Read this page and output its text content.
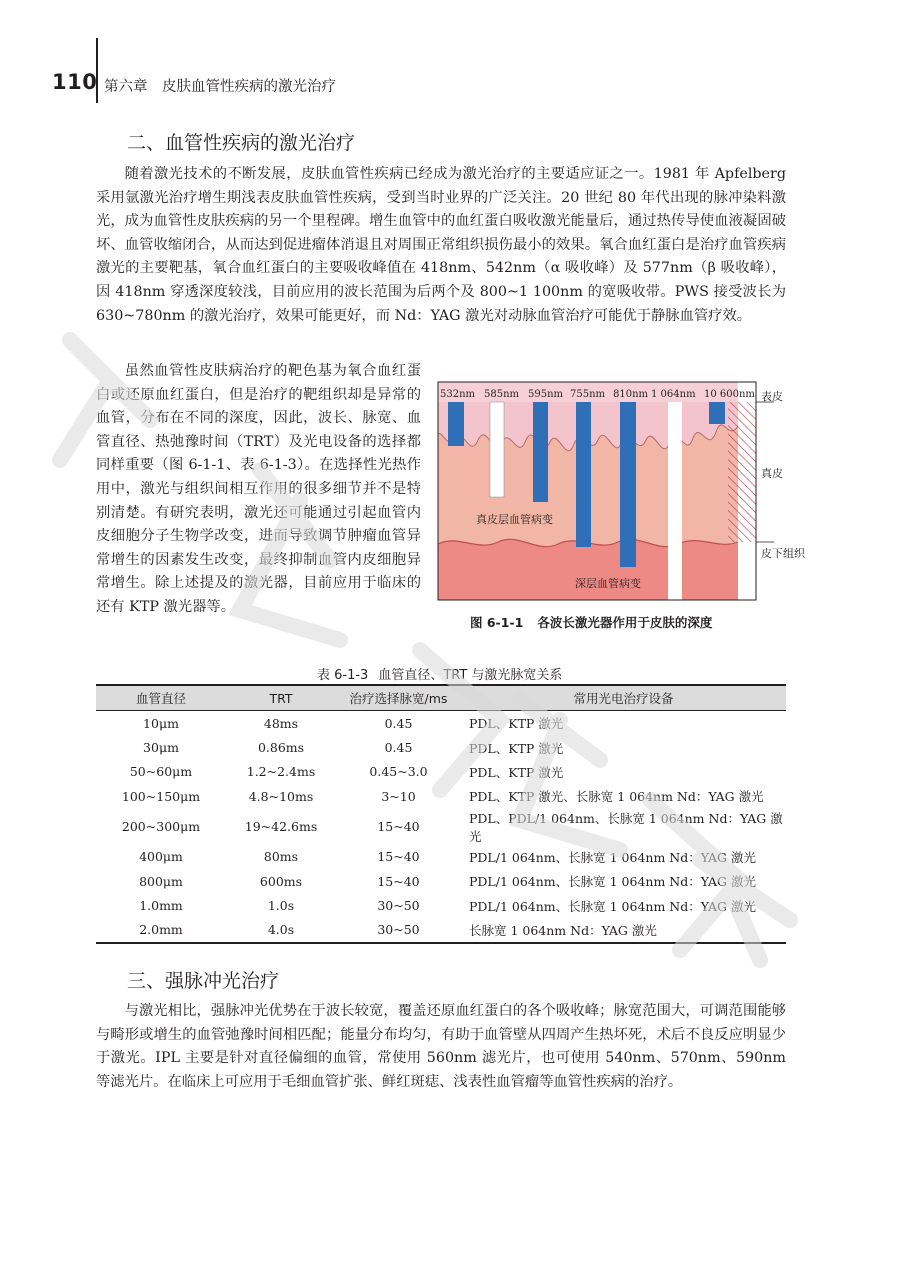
110 第六章　皮肤血管性疾病的激光治疗
二、血管性疾病的激光治疗

随着激光技术的不断发展，皮肤血管性疾病已经成为激光治疗的主要适应证之一。1981 年 Apfelberg 采用氩激光治疗增生期浅表皮肤血管性疾病，受到当时业界的广泛关注。20 世纪 80 年代出现的脉冲染料激光，成为血管性皮肤疾病的另一个里程碑。增生血管中的血红蛋白吸收激光能量后，通过热传导使血液凝固破坏、血管收缩闭合，从而达到促进瘤体消退且对周围正常组织损伤最小的效果。氧合血红蛋白是治疗血管疾病激光的主要靶基，氧合血红蛋白的主要吸收峰值在 418nm、542nm（α 吸收峰）及 577nm（β 吸收峰），因 418nm 穿透深度较浅，目前应用的波长范围为后两个及 800~1 100nm 的宽吸收带。PWS 接受波长为 630~780nm 的激光治疗，效果可能更好，而 Nd：YAG 激光对动脉血管治疗可能优于静脉血管疗效。

虽然血管性皮肤病治疗的靶色基为氧合血红蛋白或还原血红蛋白，但是治疗的靶组织却是异常的血管，分布在不同的深度，因此，波长、脉宽、血管直径、热弛豫时间（TRT）及光电设备的选择都同样重要（图 6-1-1、表 6-1-3）。在选择性光热作用中，激光与组织间相互作用的很多细节并不是特别清楚。有研究表明，激光还可能通过引起血管内皮细胞分子生物学改变，进而导致调节肿瘤血管异常增生的因素发生改变，最终抑制血管内皮细胞异常增生。除上述提及的激光器，目前应用于临床的还有 KTP 激光器等。

532nm 585nm 595nm 755nm 810nm 1 064nm 10 600nm 表皮
真皮
皮下组织
真皮层血管病变
深层血管病变
图 6-1-1 各波长激光器作用于皮肤的深度
表 6-1-3 血管直径、TRT 与激光脉宽关系
血管直径	TRT	治疗选择脉宽/ms	常用光电治疗设备
10μm	48ms	0.45	PDL、KTP 激光
30μm	0.86ms	0.45	PDL、KTP 激光
50~60μm	1.2~2.4ms	0.45~3.0	PDL、KTP 激光
100~150μm	4.8~10ms	3~10	PDL、KTP 激光、长脉宽 1 064nm Nd：YAG 激光
200~300μm	19~42.6ms	15~40	PDL、PDL/1 064nm、长脉宽 1 064nm Nd：YAG 激光
400μm	80ms	15~40	PDL/1 064nm、长脉宽 1 064nm Nd：YAG 激光
800μm	600ms	15~40	PDL/1 064nm、长脉宽 1 064nm Nd：YAG 激光
1.0mm	1.0s	30~50	PDL/1 064nm、长脉宽 1 064nm Nd：YAG 激光
2.0mm	4.0s	30~50	长脉宽 1 064nm Nd：YAG 激光
三、强脉冲光治疗

与激光相比，强脉冲光优势在于波长较宽，覆盖还原血红蛋白的各个吸收峰；脉宽范围大，可调范围能够与畸形或增生的血管弛豫时间相匹配；能量分布均匀，有助于血管壁从四周产生热坏死，术后不良反应明显少于激光。IPL 主要是针对直径偏细的血管，常使用 560nm 滤光片，也可使用 540nm、570nm、590nm 等滤光片。在临床上可应用于毛细血管扩张、鲜红斑痣、浅表性血管瘤等血管性疾病的治疗。
